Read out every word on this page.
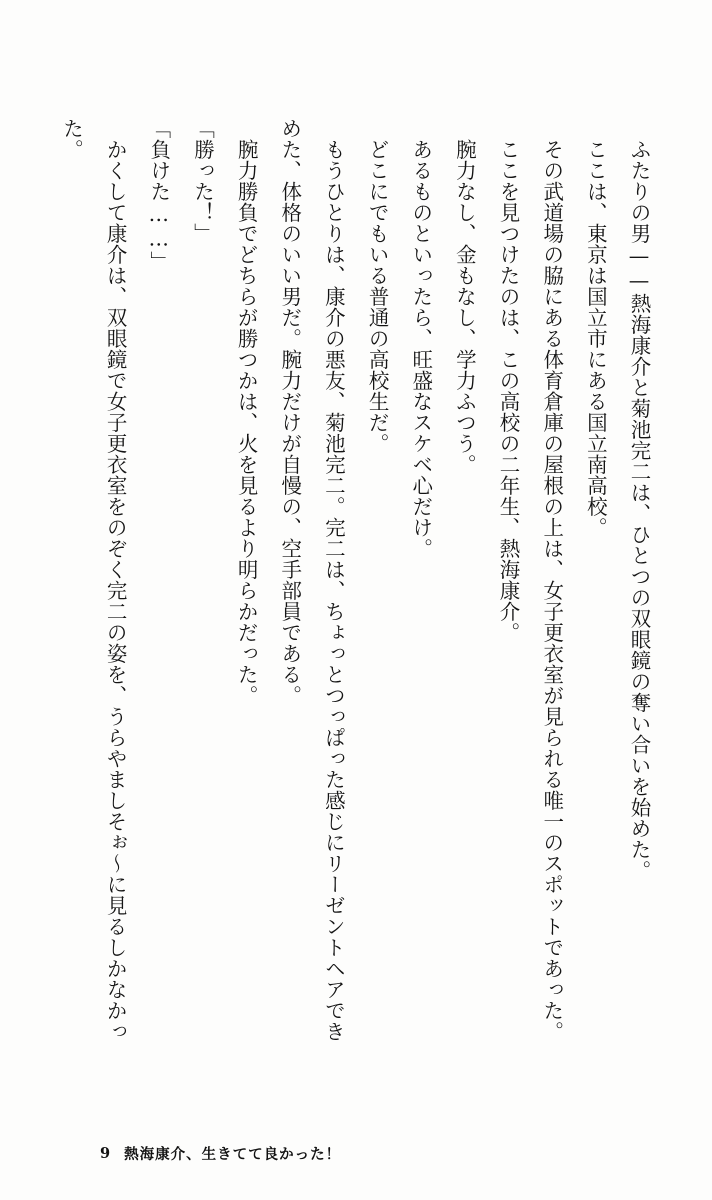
ふたりの男——熱海康介と菊池完二は、ひとつの双眼鏡の奪い合いを始めた。

ここは、東京は国立市にある国立南高校。

その武道場の脇にある体育倉庫の屋根の上は、女子更衣室が見られる唯一のスポットであった。

ここを見つけたのは、この高校の二年生、熱海康介。

腕力なし、金もなし、学力ふつう。

あるものといったら、旺盛なスケベ心だけ。

どこにでもいる普通の高校生だ。

もうひとりは、康介の悪友、菊池完二。完二は、ちょっとつっぱった感じにリーゼントヘアできめた、体格のいい男だ。腕力だけが自慢の、空手部員である。

腕力勝負でどちらが勝つかは、火を見るより明らかだった。

「勝った！」

「負けた……」

かくして康介は、双眼鏡で女子更衣室をのぞく完二の姿を、うらやましそぉ～に見るしかなかった。

9 熱海康介、生きてて良かった！
